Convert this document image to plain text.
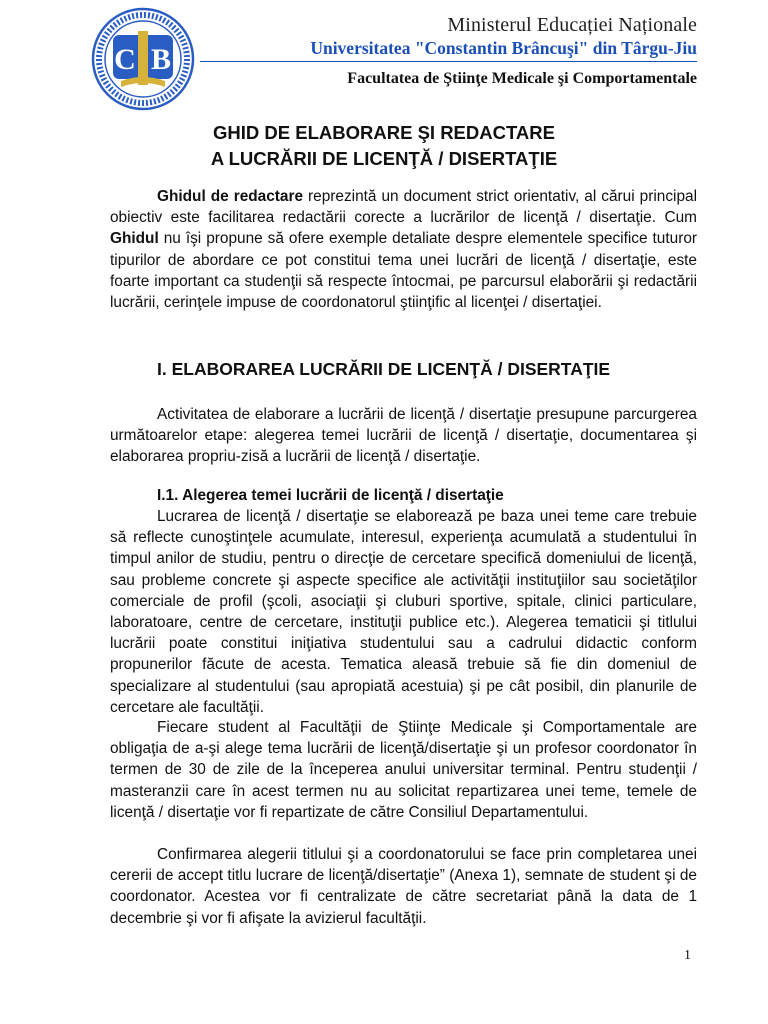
C B
Ministerul Educației Naționale
Universitatea "Constantin Brâncuşi" din Târgu-Jiu
Facultatea de Ştiinţe Medicale şi Comportamentale
GHID DE ELABORARE ŞI REDACTARE
A LUCRĂRII DE LICENŢĂ / DISERTAŢIE

Ghidul de redactare reprezintă un document strict orientativ, al cărui principal obiectiv este facilitarea redactării corecte a lucrărilor de licenţă / disertaţie. Cum Ghidul nu îşi propune să ofere exemple detaliate despre elementele specifice tuturor tipurilor de abordare ce pot constitui tema unei lucrări de licenţă / disertaţie, este foarte important ca studenţii să respecte întocmai, pe parcursul elaborării şi redactării lucrării, cerinţele impuse de coordonatorul ştiinţific al licenţei / disertaţiei.

I. ELABORAREA LUCRĂRII DE LICENŢĂ / DISERTAŢIE

Activitatea de elaborare a lucrării de licenţă / disertaţie presupune parcurgerea următoarelor etape: alegerea temei lucrării de licenţă / disertaţie, documentarea şi elaborarea propriu-zisă a lucrării de licenţă / disertaţie.

I.1. Alegerea temei lucrării de licenţă / disertaţie

Lucrarea de licenţă / disertaţie se elaborează pe baza unei teme care trebuie să reflecte cunoştinţele acumulate, interesul, experienţa acumulată a studentului în timpul anilor de studiu, pentru o direcţie de cercetare specifică domeniului de licenţă, sau probleme concrete şi aspecte specifice ale activităţii instituţiilor sau societăţilor comerciale de profil (şcoli, asociaţii şi cluburi sportive, spitale, clinici particulare, laboratoare, centre de cercetare, instituţii publice etc.). Alegerea tematicii şi titlului lucrării poate constitui iniţiativa studentului sau a cadrului didactic conform propunerilor făcute de acesta. Tematica aleasă trebuie să fie din domeniul de specializare al studentului (sau apropiată acestuia) şi pe cât posibil, din planurile de cercetare ale facultăţii.

Fiecare student al Facultăţii de Ştiinţe Medicale şi Comportamentale are obligaţia de a-şi alege tema lucrării de licenţă/disertaţie şi un profesor coordonator în termen de 30 de zile de la începerea anului universitar terminal. Pentru studenţii / masteranzii care în acest termen nu au solicitat repartizarea unei teme, temele de licenţă / disertaţie vor fi repartizate de către Consiliul Departamentului.

Confirmarea alegerii titlului şi a coordonatorului se face prin completarea unei cererii de accept titlu lucrare de licenţă/disertaţie” (Anexa 1), semnate de student şi de coordonator. Acestea vor fi centralizate de către secretariat până la data de 1 decembrie şi vor fi afişate la avizierul facultăţii.

1
